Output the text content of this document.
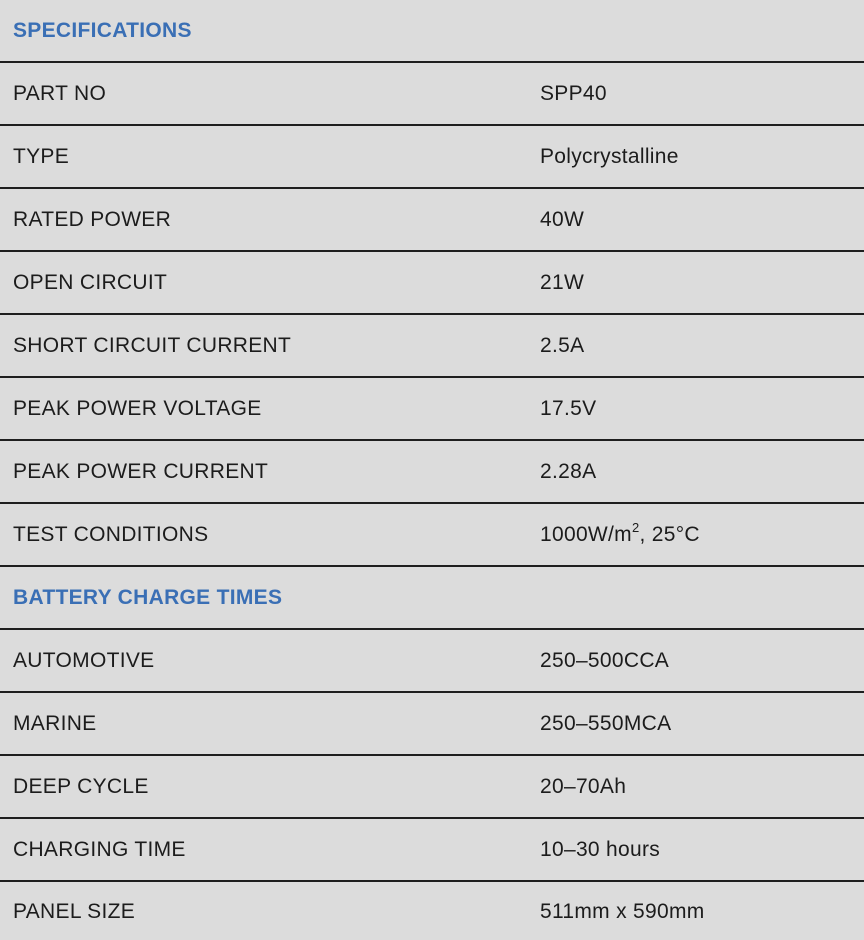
SPECIFICATIONS
PART NO	SPP40
TYPE	Polycrystalline
RATED POWER	40W
OPEN CIRCUIT	21W
SHORT CIRCUIT CURRENT	2.5A
PEAK POWER VOLTAGE	17.5V
PEAK POWER CURRENT	2.28A
TEST CONDITIONS	$1000W/m^2$, 25°C
BATTERY CHARGE TIMES
AUTOMOTIVE	250–500CCA
MARINE	250–550MCA
DEEP CYCLE	20–70Ah
CHARGING TIME	10–30 hours
PANEL SIZE	511mm x 590mm
